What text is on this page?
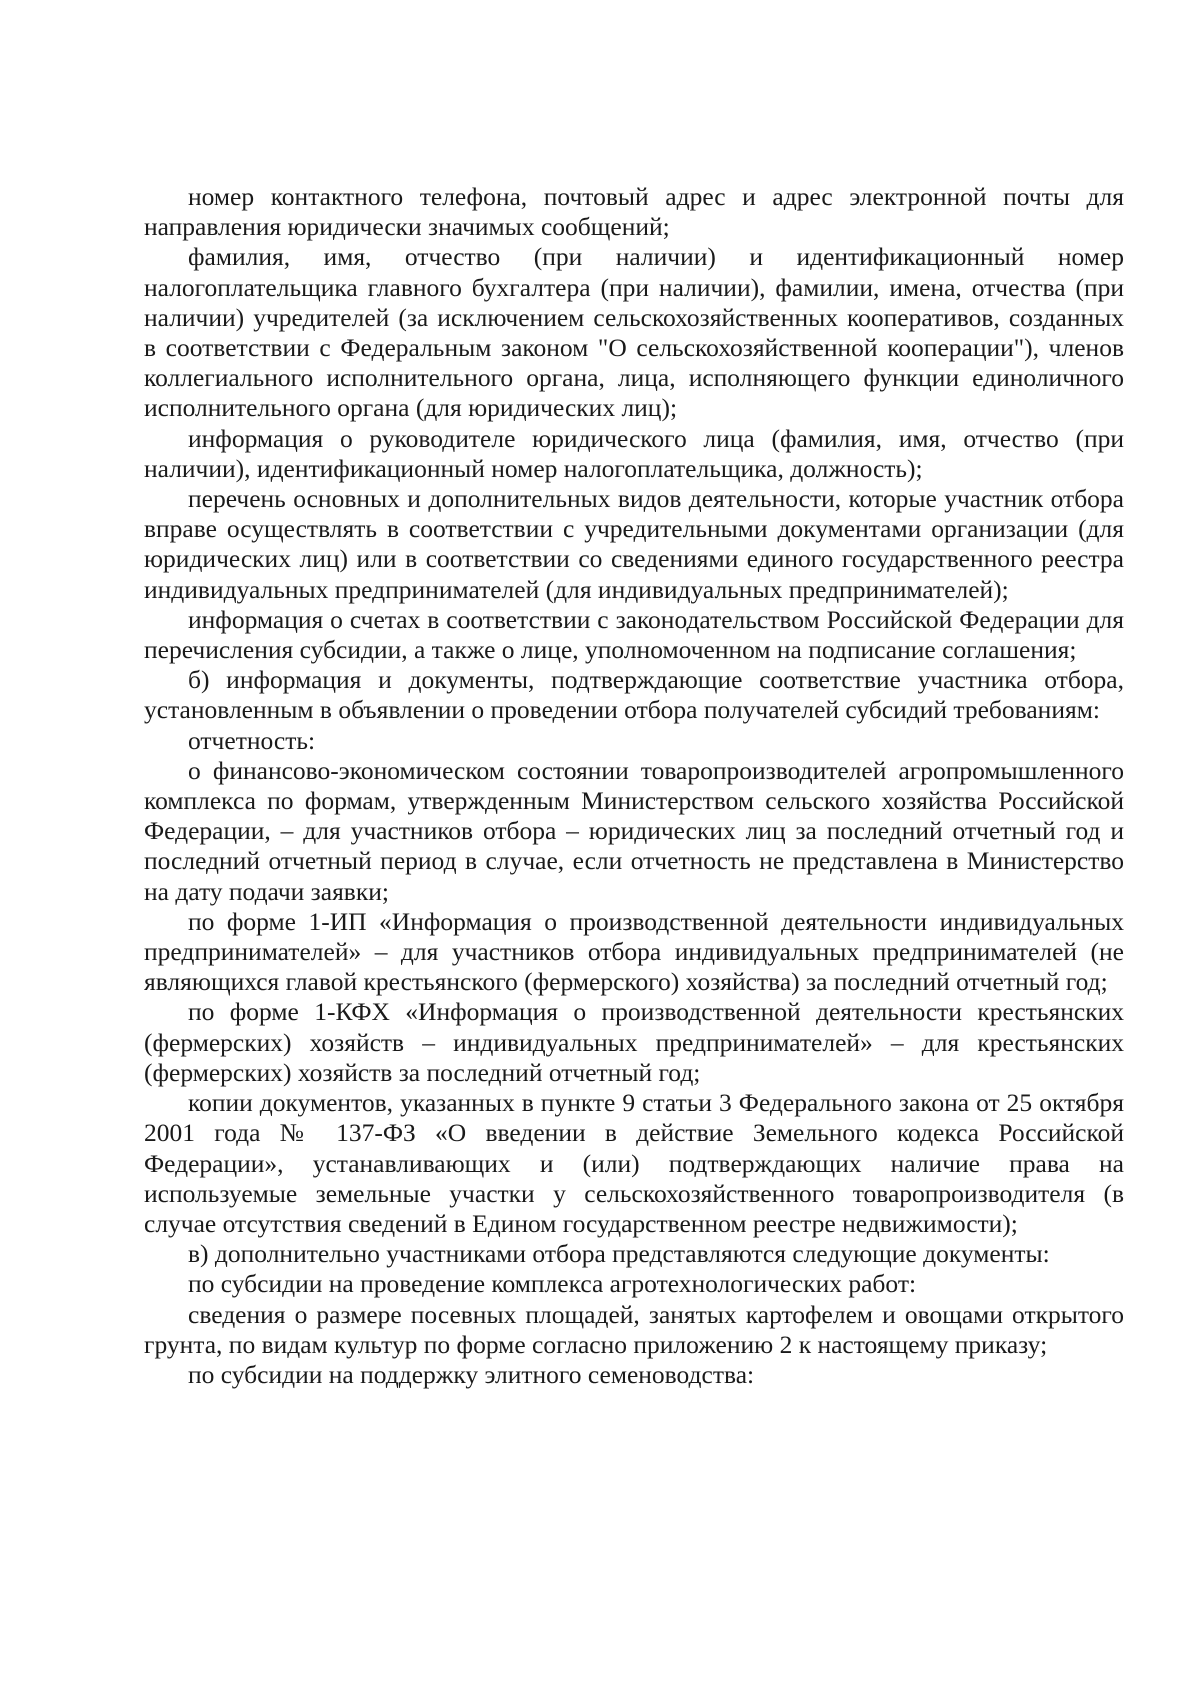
номер контактного телефона, почтовый адрес и адрес электронной почты для направления юридически значимых сообщений;

фамилия, имя, отчество (при наличии) и идентификационный номер налогоплательщика главного бухгалтера (при наличии), фамилии, имена, отчества (при наличии) учредителей (за исключением сельскохозяйственных кооперативов, созданных в соответствии с Федеральным законом "О сельскохозяйственной кооперации"), членов коллегиального исполнительного органа, лица, исполняющего функции единоличного исполнительного органа (для юридических лиц);

информация о руководителе юридического лица (фамилия, имя, отчество (при наличии), идентификационный номер налогоплательщика, должность);

перечень основных и дополнительных видов деятельности, которые участник отбора вправе осуществлять в соответствии с учредительными документами организации (для юридических лиц) или в соответствии со сведениями единого государственного реестра индивидуальных предпринимателей (для индивидуальных предпринимателей);

информация о счетах в соответствии с законодательством Российской Федерации для перечисления субсидии, а также о лице, уполномоченном на подписание соглашения;

б) информация и документы, подтверждающие соответствие участника отбора, установленным в объявлении о проведении отбора получателей субсидий требованиям:

отчетность:

о финансово-экономическом состоянии товаропроизводителей агропромышленного комплекса по формам, утвержденным Министерством сельского хозяйства Российской Федерации, – для участников отбора – юридических лиц за последний отчетный год и последний отчетный период в случае, если отчетность не представлена в Министерство на дату подачи заявки;

по форме 1-ИП «Информация о производственной деятельности индивидуальных предпринимателей» – для участников отбора индивидуальных предпринимателей (не являющихся главой крестьянского (фермерского) хозяйства) за последний отчетный год;

по форме 1-КФХ «Информация о производственной деятельности крестьянских (фермерских) хозяйств – индивидуальных предпринимателей» – для крестьянских (фермерских) хозяйств за последний отчетный год;

копии документов, указанных в пункте 9 статьи 3 Федерального закона от 25 октября 2001 года № 137-ФЗ «О введении в действие Земельного кодекса Российской Федерации», устанавливающих и (или) подтверждающих наличие права на используемые земельные участки у сельскохозяйственного товаропроизводителя (в случае отсутствия сведений в Едином государственном реестре недвижимости);

в) дополнительно участниками отбора представляются следующие документы:

по субсидии на проведение комплекса агротехнологических работ:

сведения о размере посевных площадей, занятых картофелем и овощами открытого грунта, по видам культур по форме согласно приложению 2 к настоящему приказу;

по субсидии на поддержку элитного семеноводства:
